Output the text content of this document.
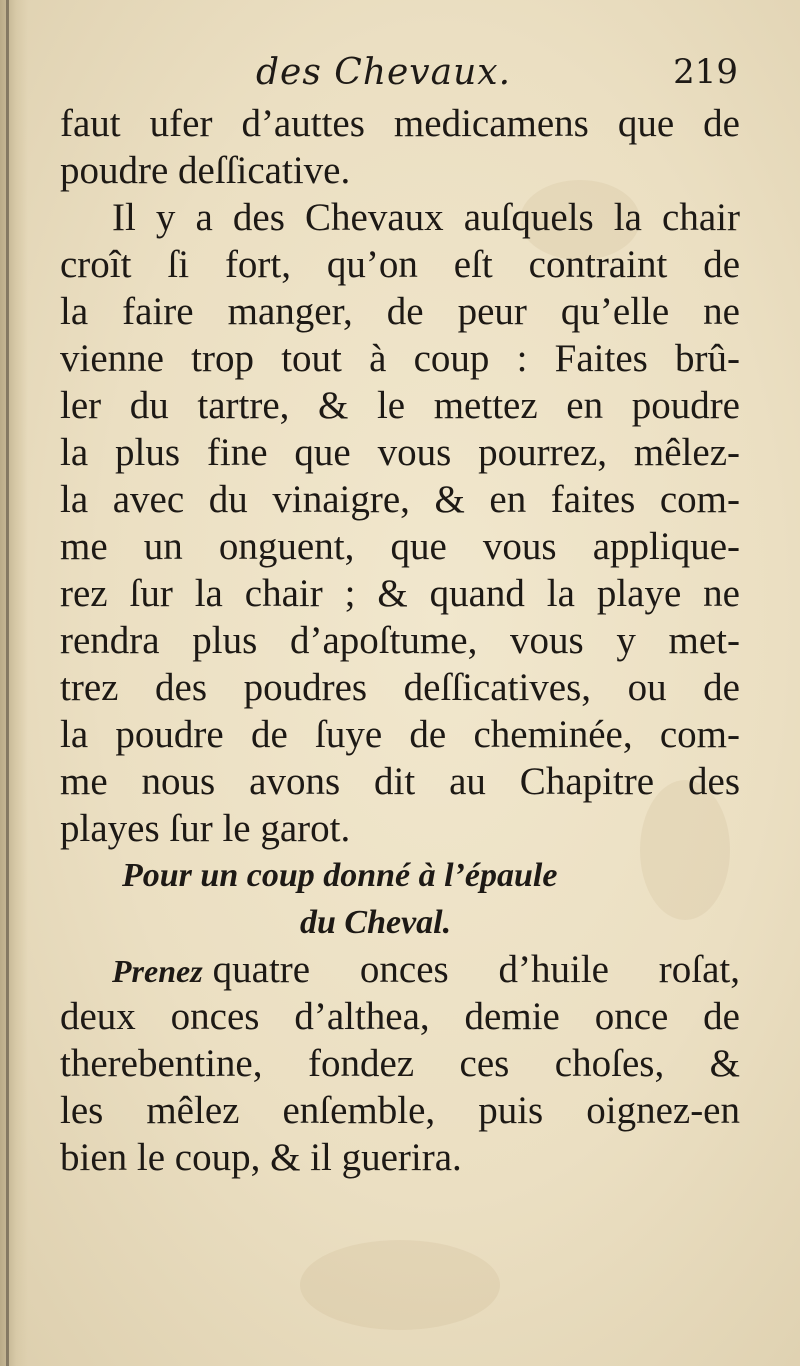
des Chevaux.	219
faut ufer d’auttes medicamens que de
poudre deſſicative.
Il y a des Chevaux auſquels la chair
croît ſi fort, qu’on eſt contraint de
la faire manger, de peur qu’elle ne
vienne trop tout à coup : Faites brû-
ler du tartre, & le mettez en poudre
la plus fine que vous pourrez, mêlez-
la avec du vinaigre, & en faites com-
me un onguent, que vous applique-
rez ſur la chair ; & quand la playe ne
rendra plus d’apoſtume, vous y met-
trez des poudres deſſicatives, ou de
la poudre de ſuye de cheminée, com-
me nous avons dit au Chapitre des
playes ſur le garot.
Pour un coup donné à l’épaule
du Cheval.
Prenez quatre onces d’huile roſat,
deux onces d’althea, demie once de
therebentine, fondez ces choſes, &
les mêlez enſemble, puis oignez-en
bien le coup, & il guerira.
